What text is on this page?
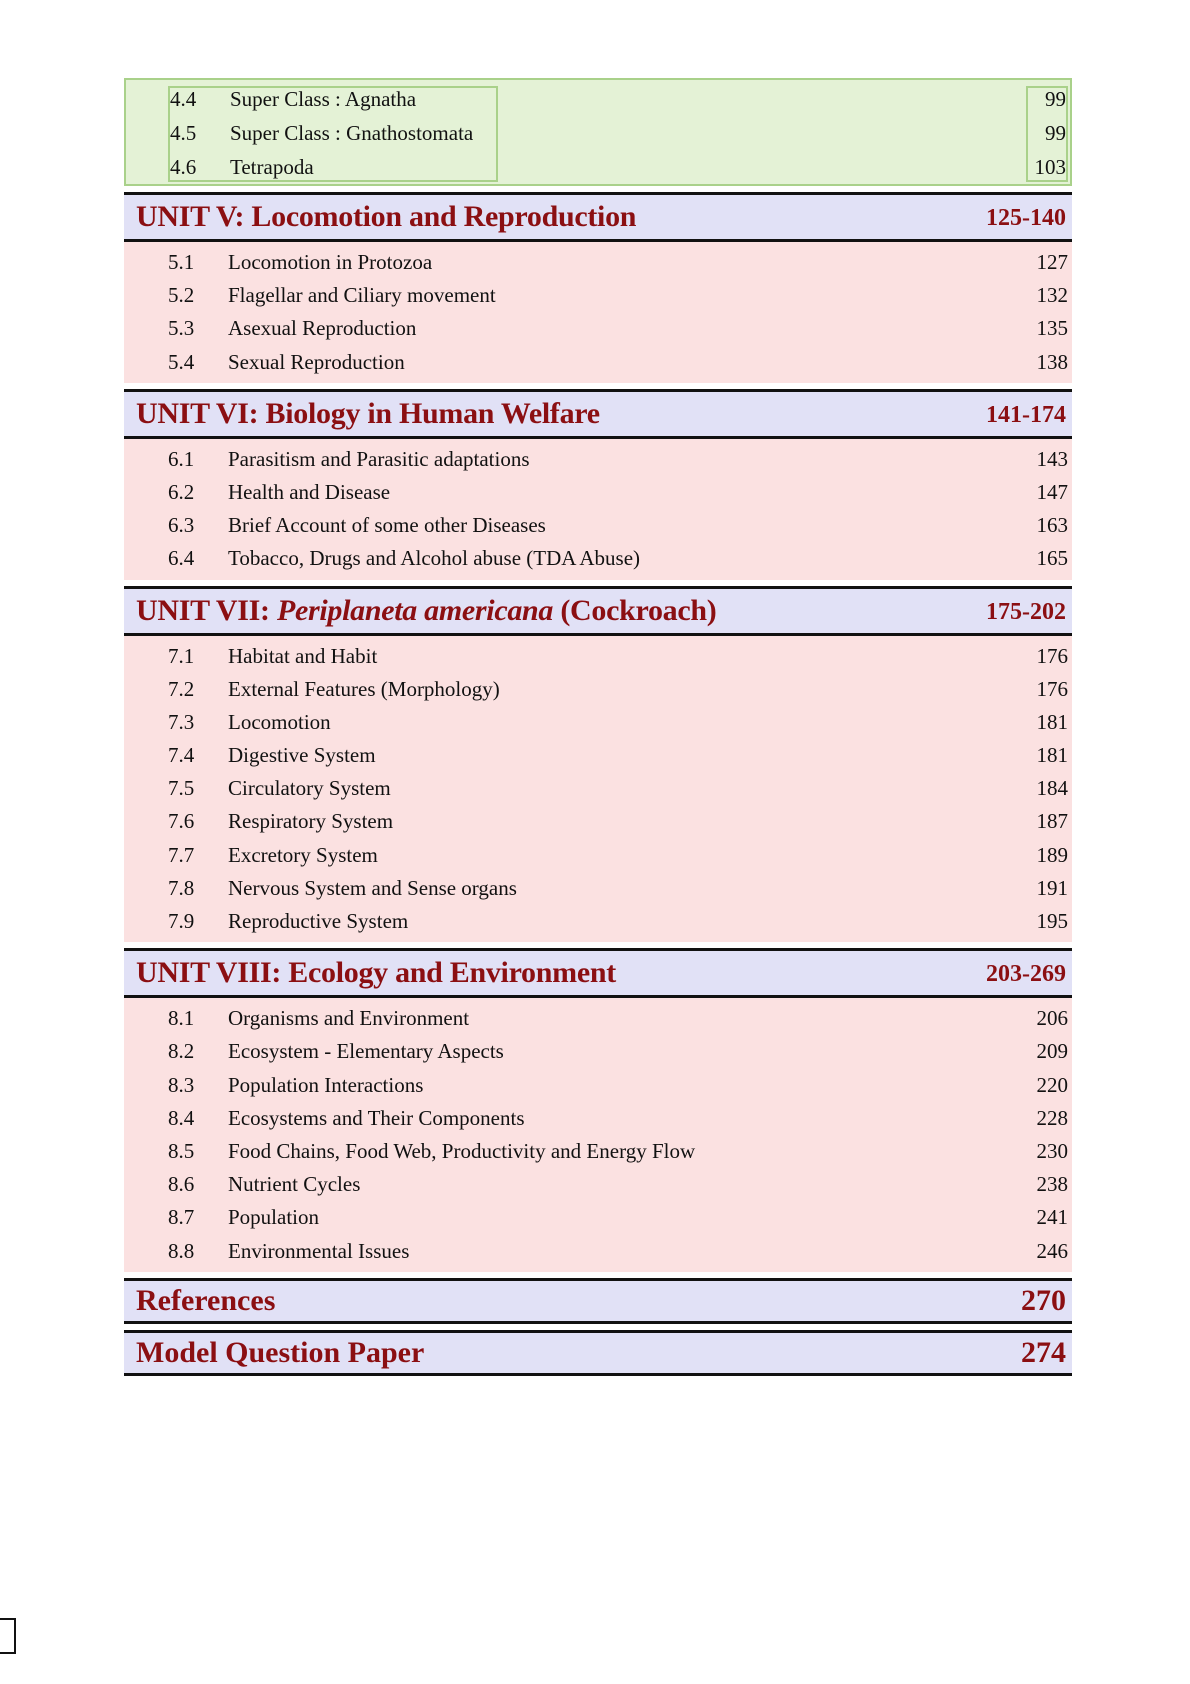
4.4 Super Class : Agnatha	99
4.5 Super Class : Gnathostomata	99
4.6 Tetrapoda	103
UNIT V: Locomotion and Reproduction	125-140
5.1 Locomotion in Protozoa	127
5.2 Flagellar and Ciliary movement	132
5.3 Asexual Reproduction	135
5.4 Sexual Reproduction	138
UNIT VI: Biology in Human Welfare	141-174
6.1 Parasitism and Parasitic adaptations	143
6.2 Health and Disease	147
6.3 Brief Account of some other Diseases	163
6.4 Tobacco, Drugs and Alcohol abuse (TDA Abuse)	165
UNIT VII: Periplaneta americana (Cockroach)	175-202
7.1 Habitat and Habit	176
7.2 External Features (Morphology)	176
7.3 Locomotion	181
7.4 Digestive System	181
7.5 Circulatory System	184
7.6 Respiratory System	187
7.7 Excretory System	189
7.8 Nervous System and Sense organs	191
7.9 Reproductive System	195
UNIT VIII: Ecology and Environment	203-269
8.1 Organisms and Environment	206
8.2 Ecosystem - Elementary Aspects	209
8.3 Population Interactions	220
8.4 Ecosystems and Their Components	228
8.5 Food Chains, Food Web, Productivity and Energy Flow	230
8.6 Nutrient Cycles	238
8.7 Population	241
8.8 Environmental Issues	246
References	270
Model Question Paper	274
